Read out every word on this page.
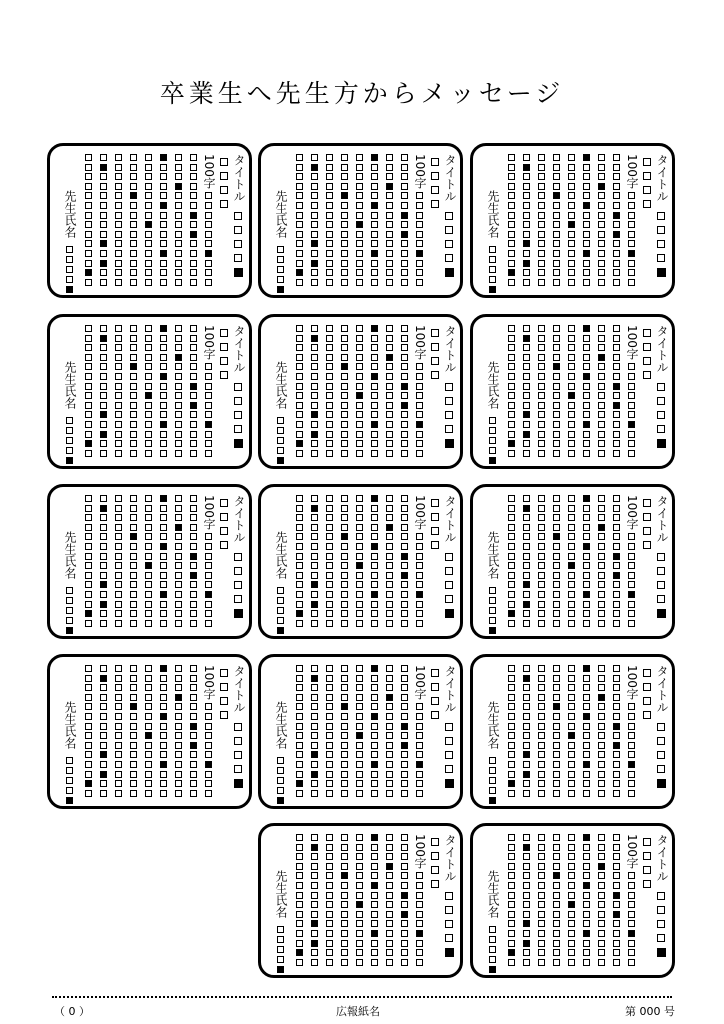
卒業生へ先生方からメッセージ
先生氏名
100字 タイトル
先生氏名
100字 タイトル
先生氏名
100字 タイトル
先生氏名
100字 タイトル
先生氏名
100字 タイトル
先生氏名
100字 タイトル
先生氏名
100字 タイトル
先生氏名
100字 タイトル
先生氏名
100字 タイトル
先生氏名
100字 タイトル
先生氏名
100字 タイトル
先生氏名
100字 タイトル
先生氏名
100字 タイトル
先生氏名
100字 タイトル
（ 0 ）	広報紙名	第 000 号
